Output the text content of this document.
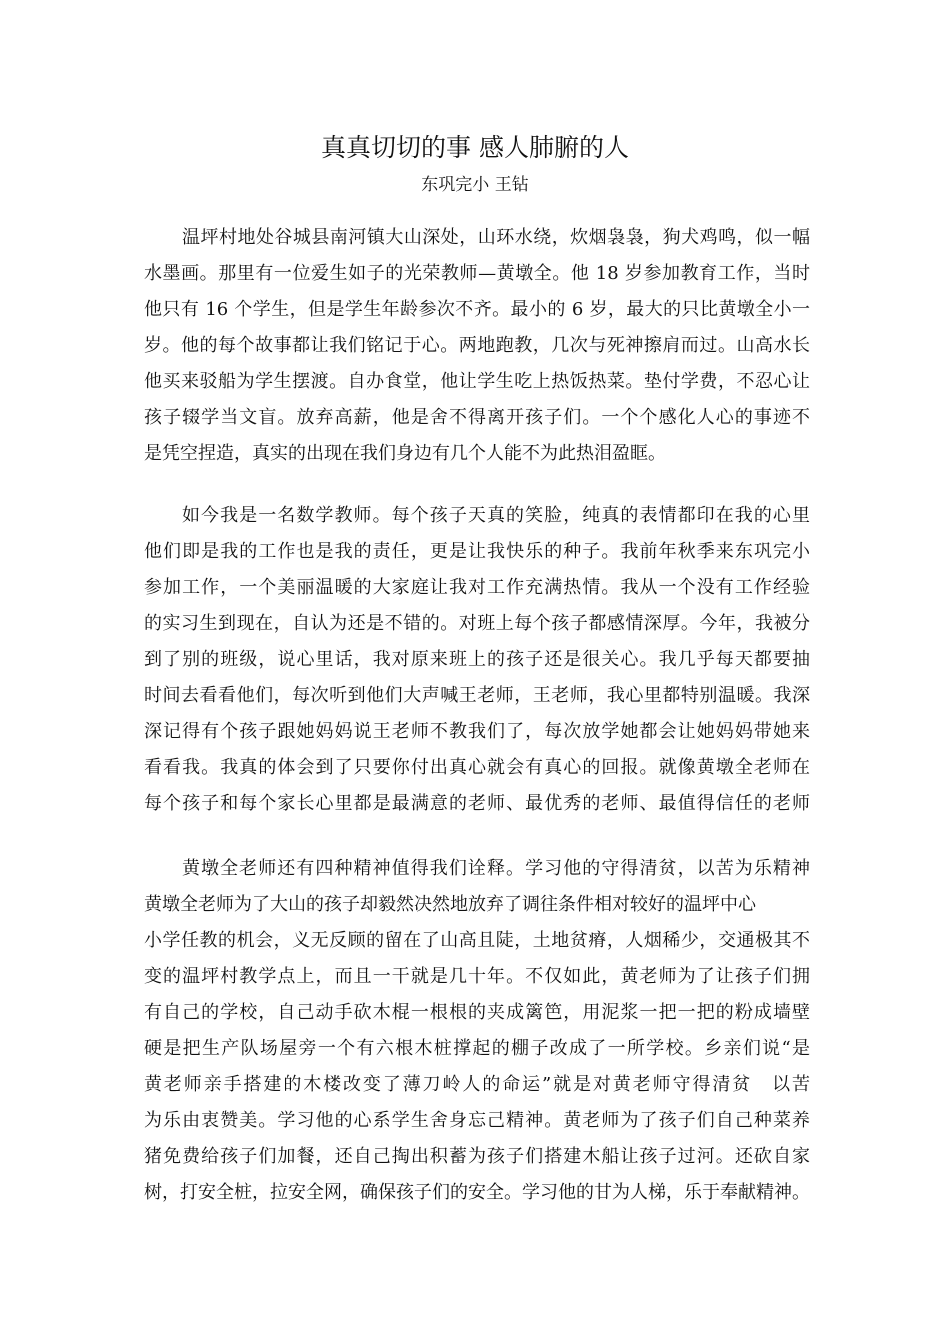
真真切切的事 感人肺腑的人
东巩完小 王钻
温坪村地处谷城县南河镇大山深处，山环水绕，炊烟袅袅，狗犬鸡鸣，似一幅
水墨画。那里有一位爱生如子的光荣教师—黄墩全。他 18 岁参加教育工作，当时
他只有 16 个学生，但是学生年龄参次不齐。最小的 6 岁，最大的只比黄墩全小一
岁。他的每个故事都让我们铭记于心。两地跑教，几次与死神擦肩而过。山高水长
他买来驳船为学生摆渡。自办食堂，他让学生吃上热饭热菜。垫付学费，不忍心让
孩子辍学当文盲。放弃高薪，他是舍不得离开孩子们。一个个感化人心的事迹不
是凭空捏造，真实的出现在我们身边有几个人能不为此热泪盈眶。
如今我是一名数学教师。每个孩子天真的笑脸，纯真的表情都印在我的心里
他们即是我的工作也是我的责任，更是让我快乐的种子。我前年秋季来东巩完小
参加工作，一个美丽温暖的大家庭让我对工作充满热情。我从一个没有工作经验
的实习生到现在，自认为还是不错的。对班上每个孩子都感情深厚。今年，我被分
到了别的班级，说心里话，我对原来班上的孩子还是很关心。我几乎每天都要抽
时间去看看他们，每次听到他们大声喊王老师，王老师，我心里都特别温暖。我深
深记得有个孩子跟她妈妈说王老师不教我们了，每次放学她都会让她妈妈带她来
看看我。我真的体会到了只要你付出真心就会有真心的回报。就像黄墩全老师在
每个孩子和每个家长心里都是最满意的老师、最优秀的老师、最值得信任的老师
黄墩全老师还有四种精神值得我们诠释。学习他的守得清贫，以苦为乐精神
黄墩全老师为了大山的孩子却毅然决然地放弃了调往条件相对较好的温坪中心
小学任教的机会，义无反顾的留在了山高且陡，土地贫瘠，人烟稀少，交通极其不
变的温坪村教学点上，而且一干就是几十年。不仅如此，黄老师为了让孩子们拥
有自己的学校，自己动手砍木棍一根根的夹成篱笆，用泥浆一把一把的粉成墙壁
硬是把生产队场屋旁一个有六根木桩撑起的棚子改成了一所学校。乡亲们说“是
黄老师亲手搭建的木楼改变了薄刀岭人的命运”就是对黄老师守得清贫　以苦
为乐由衷赞美。学习他的心系学生舍身忘己精神。黄老师为了孩子们自己种菜养
猪免费给孩子们加餐，还自己掏出积蓄为孩子们搭建木船让孩子过河。还砍自家
树，打安全桩，拉安全网，确保孩子们的安全。学习他的甘为人梯，乐于奉献精神。
